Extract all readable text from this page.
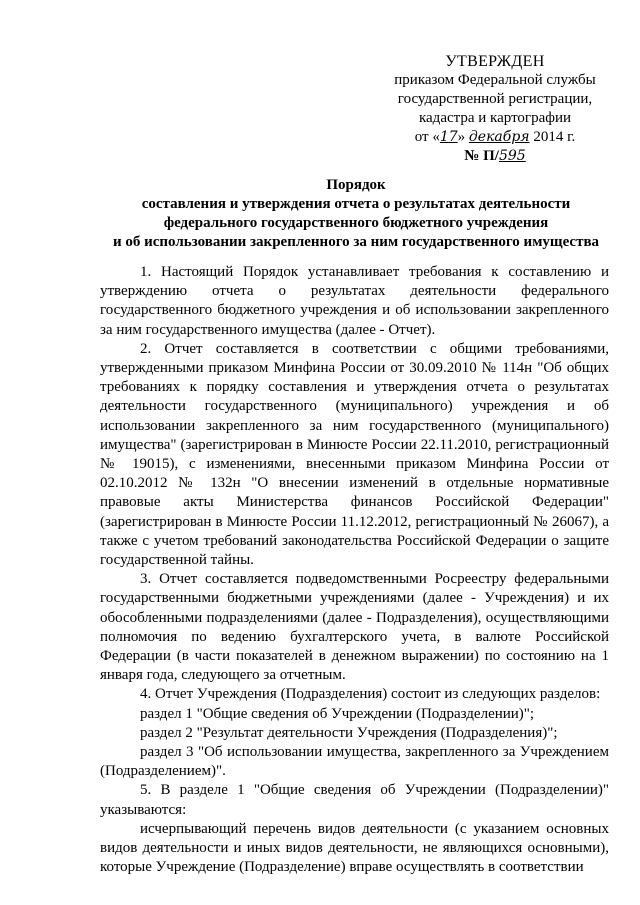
УТВЕРЖДЕН
приказом Федеральной службы
государственной регистрации,
кадастра и картографии
от «17» декабря 2014 г.
№ П/595
Порядок
составления и утверждения отчета о результатах деятельности
федерального государственного бюджетного учреждения
и об использовании закрепленного за ним государственного имущества

1. Настоящий Порядок устанавливает требования к составлению и утверждению отчета о результатах деятельности федерального государственного бюджетного учреждения и об использовании закрепленного за ним государственного имущества (далее - Отчет).

2. Отчет составляется в соответствии с общими требованиями, утвержденными приказом Минфина России от 30.09.2010 № 114н "Об общих требованиях к порядку составления и утверждения отчета о результатах деятельности государственного (муниципального) учреждения и об использовании закрепленного за ним государственного (муниципального) имущества" (зарегистрирован в Минюсте России 22.11.2010, регистрационный № 19015), с изменениями, внесенными приказом Минфина России от 02.10.2012 № 132н "О внесении изменений в отдельные нормативные правовые акты Министерства финансов Российской Федерации" (зарегистрирован в Минюсте России 11.12.2012, регистрационный № 26067), а также с учетом требований законодательства Российской Федерации о защите государственной тайны.

3. Отчет составляется подведомственными Росреестру федеральными государственными бюджетными учреждениями (далее - Учреждения) и их обособленными подразделениями (далее - Подразделения), осуществляющими полномочия по ведению бухгалтерского учета, в валюте Российской Федерации (в части показателей в денежном выражении) по состоянию на 1 января года, следующего за отчетным.

4. Отчет Учреждения (Подразделения) состоит из следующих разделов:

раздел 1 "Общие сведения об Учреждении (Подразделении)";

раздел 2 "Результат деятельности Учреждения (Подразделения)";

раздел 3 "Об использовании имущества, закрепленного за Учреждением (Подразделением)".

5. В разделе 1 "Общие сведения об Учреждении (Подразделении)" указываются:

исчерпывающий перечень видов деятельности (с указанием основных видов деятельности и иных видов деятельности, не являющихся основными), которые Учреждение (Подразделение) вправе осуществлять в соответствии
